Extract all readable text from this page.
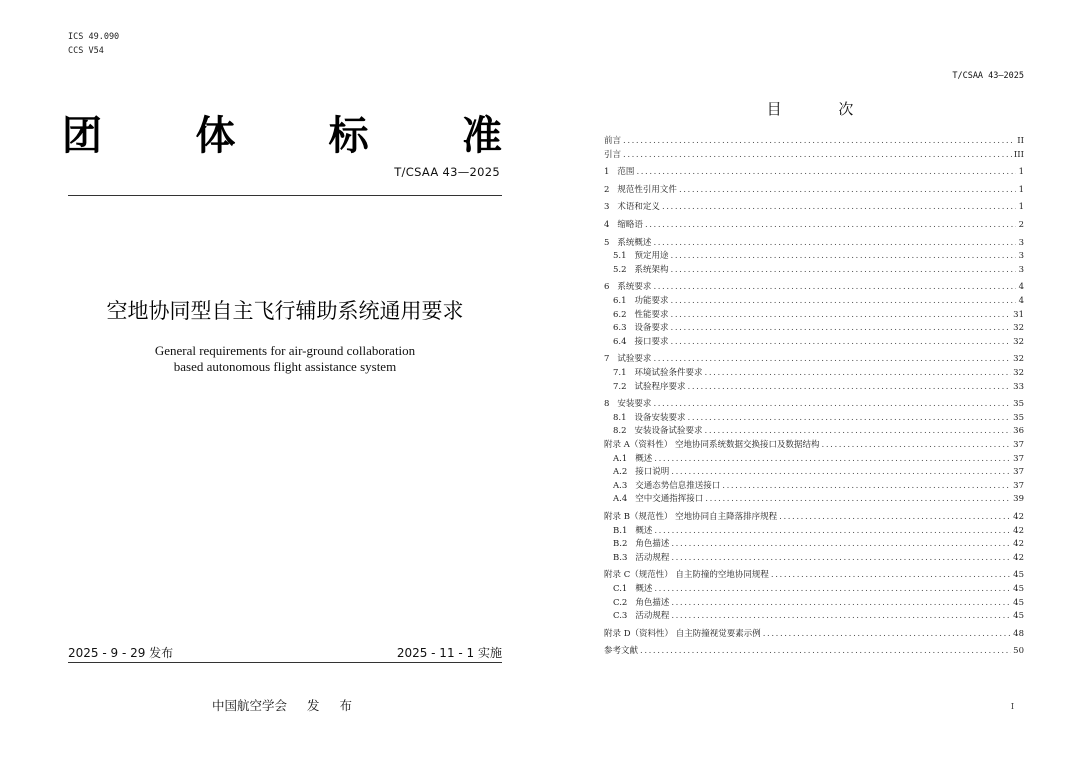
ICS 49.090
CCS V54
团 体 标 准
T/CSAA 43—2025
空地协同型自主飞行辅助系统通用要求
General requirements for air-ground collaboration
based autonomous flight assistance system
2025 - 9 - 29 发布	2025 - 11 - 1 实施
中国航空学会 发 布
T/CSAA 43—2025
目 次
前言 .....	II
引言 .....	III
1 范围 .....	1
2 规范性引用文件 .....	1
3 术语和定义 .....	1
4 缩略语 .....	2
5 系统概述 .....	3
5.1 预定用途 .....	3
5.2 系统架构 .....	3
6 系统要求 .....	4
6.1 功能要求 .....	4
6.2 性能要求 .....	31
6.3 设备要求 .....	32
6.4 接口要求 .....	32
7 试验要求 .....	32
7.1 环境试验条件要求 .....	32
7.2 试验程序要求 .....	33
8 安装要求 .....	35
8.1 设备安装要求 .....	35
8.2 安装设备试验要求 .....	36
附录 A（资料性） 空地协同系统数据交换接口及数据结构 .....	37
A.1 概述 .....	37
A.2 接口说明 .....	37
A.3 交通态势信息推送接口 .....	37
A.4 空中交通指挥接口 .....	39
附录 B（规范性） 空地协同自主降落排序规程 .....	42
B.1 概述 .....	42
B.2 角色描述 .....	42
B.3 活动规程 .....	42
附录 C（规范性） 自主防撞的空地协同规程 .....	45
C.1 概述 .....	45
C.2 角色描述 .....	45
C.3 活动规程 .....	45
附录 D（资料性） 自主防撞视觉要素示例 .....	48
参考文献 .....	50
I
